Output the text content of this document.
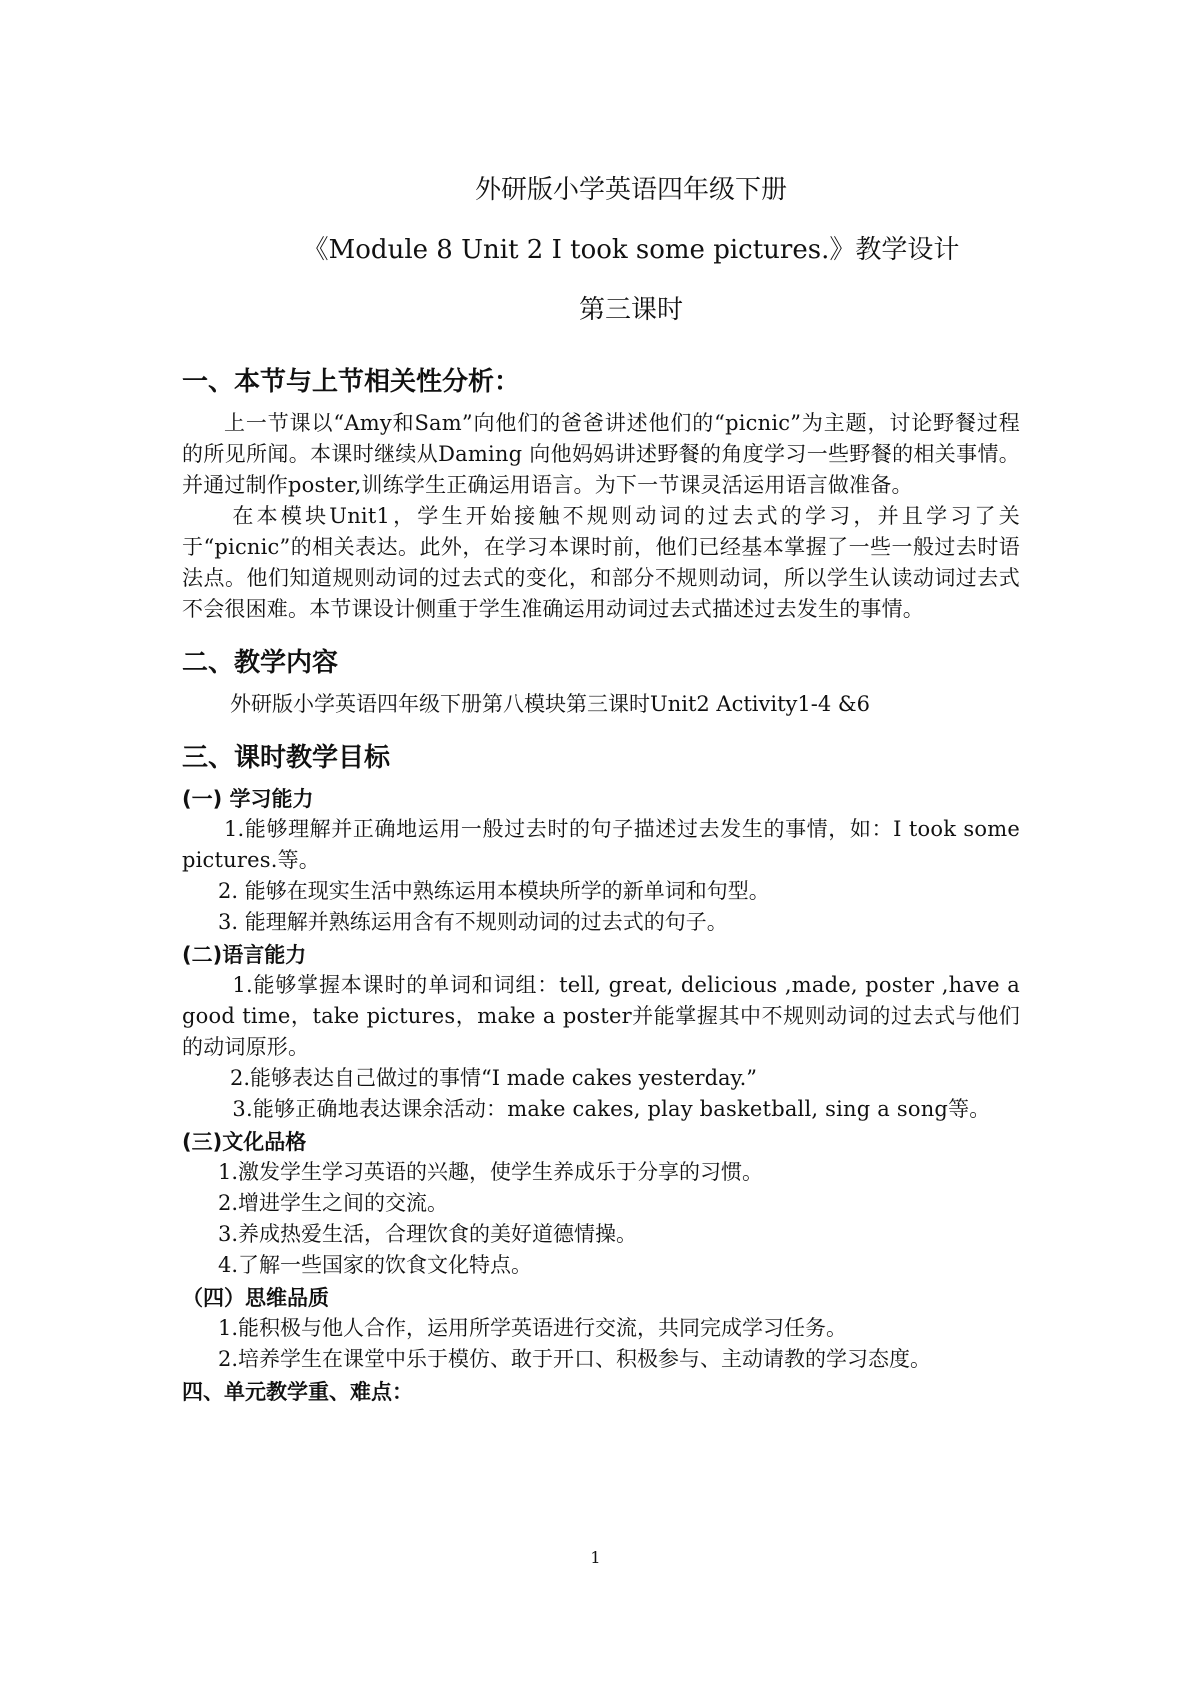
外研版小学英语四年级下册

《Module 8 Unit 2 I took some pictures.》教学设计

第三课时

一、本节与上节相关性分析：

上一节课以“Amy和Sam”向他们的爸爸讲述他们的“picnic”为主题，讨论野餐过程的所见所闻。本课时继续从Daming 向他妈妈讲述野餐的角度学习一些野餐的相关事情。并通过制作poster,训练学生正确运用语言。为下一节课灵活运用语言做准备。

在本模块Unit1，学生开始接触不规则动词的过去式的学习，并且学习了关于“picnic”的相关表达。此外，在学习本课时前，他们已经基本掌握了一些一般过去时语法点。他们知道规则动词的过去式的变化，和部分不规则动词，所以学生认读动词过去式不会很困难。本节课设计侧重于学生准确运用动词过去式描述过去发生的事情。

二、教学内容

外研版小学英语四年级下册第八模块第三课时Unit2 Activity1-4 &6

三、课时教学目标
(一) 学习能力

1.能够理解并正确地运用一般过去时的句子描述过去发生的事情，如：I took some pictures.等。

2. 能够在现实生活中熟练运用本模块所学的新单词和句型。

3. 能理解并熟练运用含有不规则动词的过去式的句子。

(二)语言能力

1.能够掌握本课时的单词和词组：tell, great, delicious ,made, poster ,have a good time，take pictures，make a poster并能掌握其中不规则动词的过去式与他们的动词原形。

2.能够表达自己做过的事情“I made cakes yesterday.”

3.能够正确地表达课余活动：make cakes, play basketball, sing a song等。

(三)文化品格

1.激发学生学习英语的兴趣，使学生养成乐于分享的习惯。

2.增进学生之间的交流。

3.养成热爱生活，合理饮食的美好道德情操。

4.了解一些国家的饮食文化特点。

（四）思维品质

1.能积极与他人合作，运用所学英语进行交流，共同完成学习任务。

2.培养学生在课堂中乐于模仿、敢于开口、积极参与、主动请教的学习态度。

四、单元教学重、难点：
1
